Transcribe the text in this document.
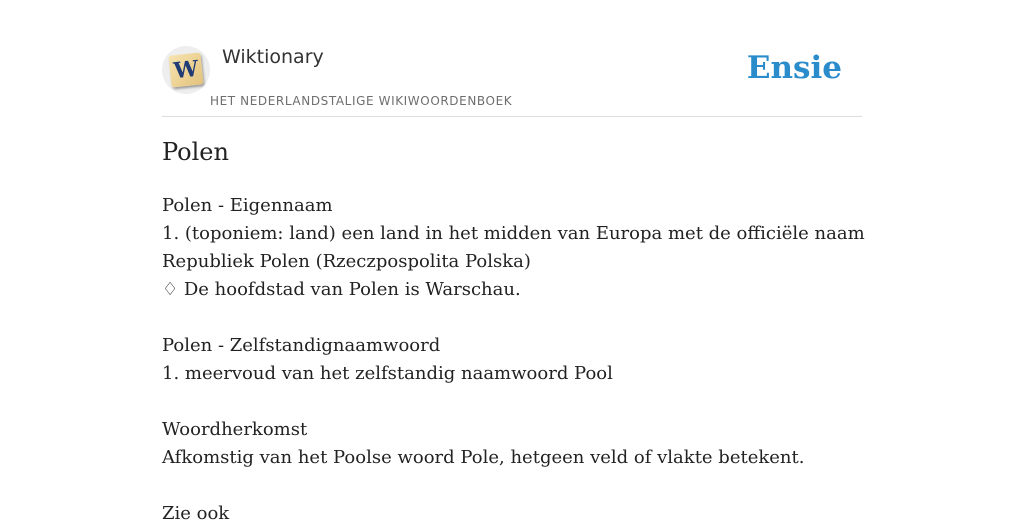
W Wiktionary
HET NEDERLANDSTALIGE WIKIWOORDENBOEK
Ensie
Polen
Polen - Eigennaam
1. (toponiem: land) een land in het midden van Europa met de officiële naam
Republiek Polen (Rzeczpospolita Polska)
♢ De hoofdstad van Polen is Warschau.
Polen - Zelfstandignaamwoord
1. meervoud van het zelfstandig naamwoord Pool
Woordherkomst
Afkomstig van het Poolse woord Pole, hetgeen veld of vlakte betekent.
Zie ook
